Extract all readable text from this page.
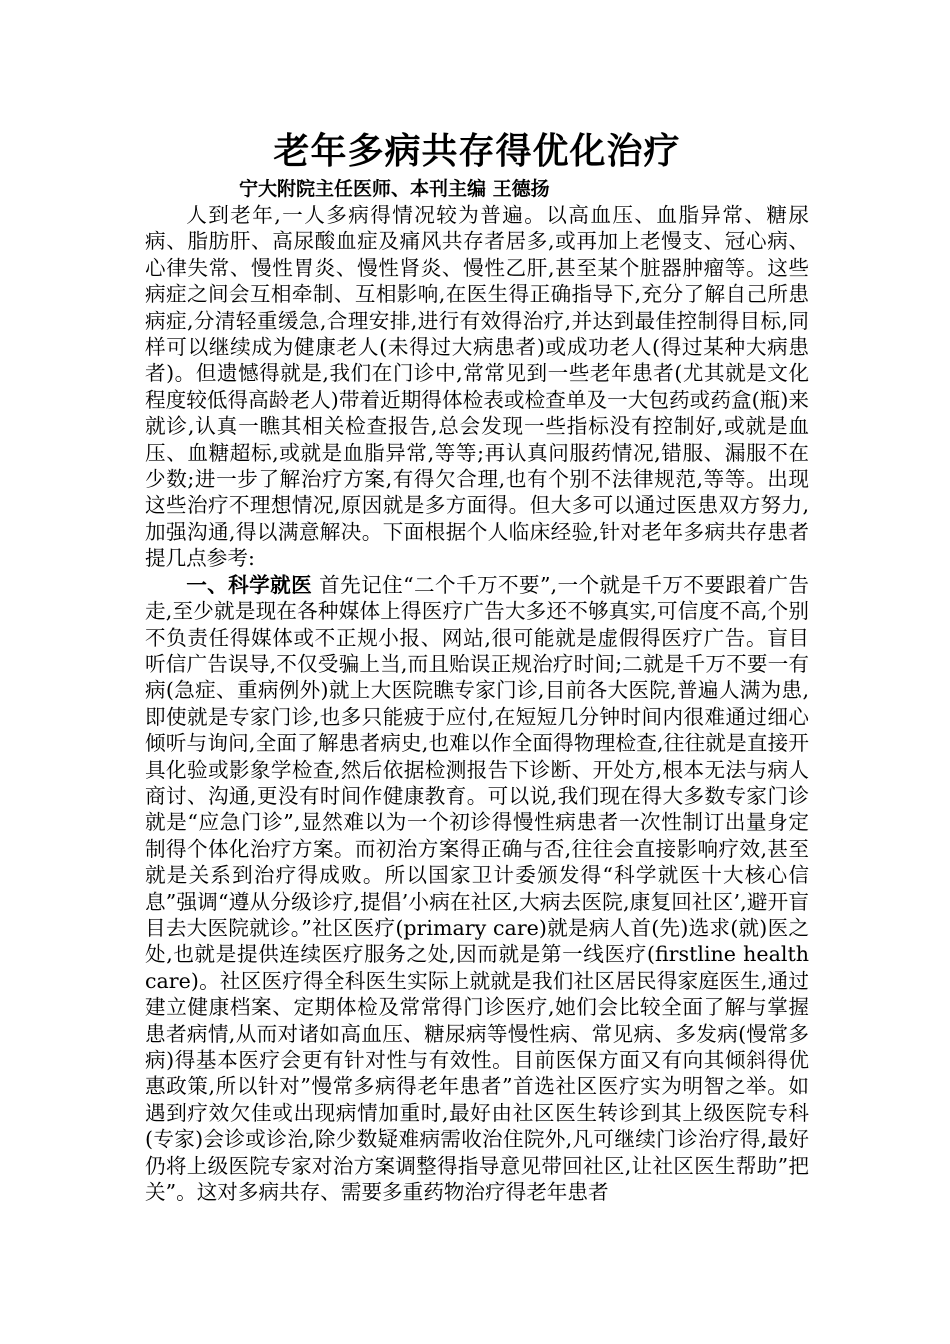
老年多病共存得优化治疗
宁大附院主任医师、本刊主编 王德扬

人到老年,一人多病得情况较为普遍。以高血压、血脂异常、糖尿病、脂肪肝、高尿酸血症及痛风共存者居多,或再加上老慢支、冠心病、心律失常、慢性胃炎、慢性肾炎、慢性乙肝,甚至某个脏器肿瘤等。这些病症之间会互相牵制、互相影响,在医生得正确指导下,充分了解自己所患病症,分清轻重缓急,合理安排,进行有效得治疗,并达到最佳控制得目标,同样可以继续成为健康老人(未得过大病患者)或成功老人(得过某种大病患者)。但遗憾得就是,我们在门诊中,常常见到一些老年患者(尤其就是文化程度较低得高龄老人)带着近期得体检表或检查单及一大包药或药盒(瓶)来就诊,认真一瞧其相关检查报告,总会发现一些指标没有控制好,或就是血压、血糖超标,或就是血脂异常,等等;再认真问服药情况,错服、漏服不在少数;进一步了解治疗方案,有得欠合理,也有个别不法律规范,等等。出现这些治疗不理想情况,原因就是多方面得。但大多可以通过医患双方努力,加强沟通,得以满意解决。下面根据个人临床经验,针对老年多病共存患者提几点参考:

一、科学就医 首先记住“二个千万不要”,一个就是千万不要跟着广告走,至少就是现在各种媒体上得医疗广告大多还不够真实,可信度不高,个别不负责任得媒体或不正规小报、网站,很可能就是虚假得医疗广告。盲目听信广告误导,不仅受骗上当,而且贻误正规治疗时间;二就是千万不要一有病(急症、重病例外)就上大医院瞧专家门诊,目前各大医院,普遍人满为患,即使就是专家门诊,也多只能疲于应付,在短短几分钟时间内很难通过细心倾听与询问,全面了解患者病史,也难以作全面得物理检查,往往就是直接开具化验或影象学检查,然后依据检测报告下诊断、开处方,根本无法与病人商讨、沟通,更没有时间作健康教育。可以说,我们现在得大多数专家门诊就是“应急门诊”,显然难以为一个初诊得慢性病患者一次性制订出量身定制得个体化治疗方案。而初治方案得正确与否,往往会直接影响疗效,甚至就是关系到治疗得成败。所以国家卫计委颁发得“科学就医十大核心信息”强调“遵从分级诊疗,提倡’小病在社区,大病去医院,康复回社区’,避开盲目去大医院就诊。”社区医疗(primary care)就是病人首(先)选求(就)医之处,也就是提供连续医疗服务之处,因而就是第一线医疗(firstline health care)。社区医疗得全科医生实际上就就是我们社区居民得家庭医生,通过建立健康档案、定期体检及常常得门诊医疗,她们会比较全面了解与掌握患者病情,从而对诸如高血压、糖尿病等慢性病、常见病、多发病(慢常多病)得基本医疗会更有针对性与有效性。目前医保方面又有向其倾斜得优惠政策,所以针对”慢常多病得老年患者”首选社区医疗实为明智之举。如遇到疗效欠佳或出现病情加重时,最好由社区医生转诊到其上级医院专科(专家)会诊或诊治,除少数疑难病需收治住院外,凡可继续门诊治疗得,最好仍将上级医院专家对治方案调整得指导意见带回社区,让社区医生帮助”把关”。这对多病共存、需要多重药物治疗得老年患者
